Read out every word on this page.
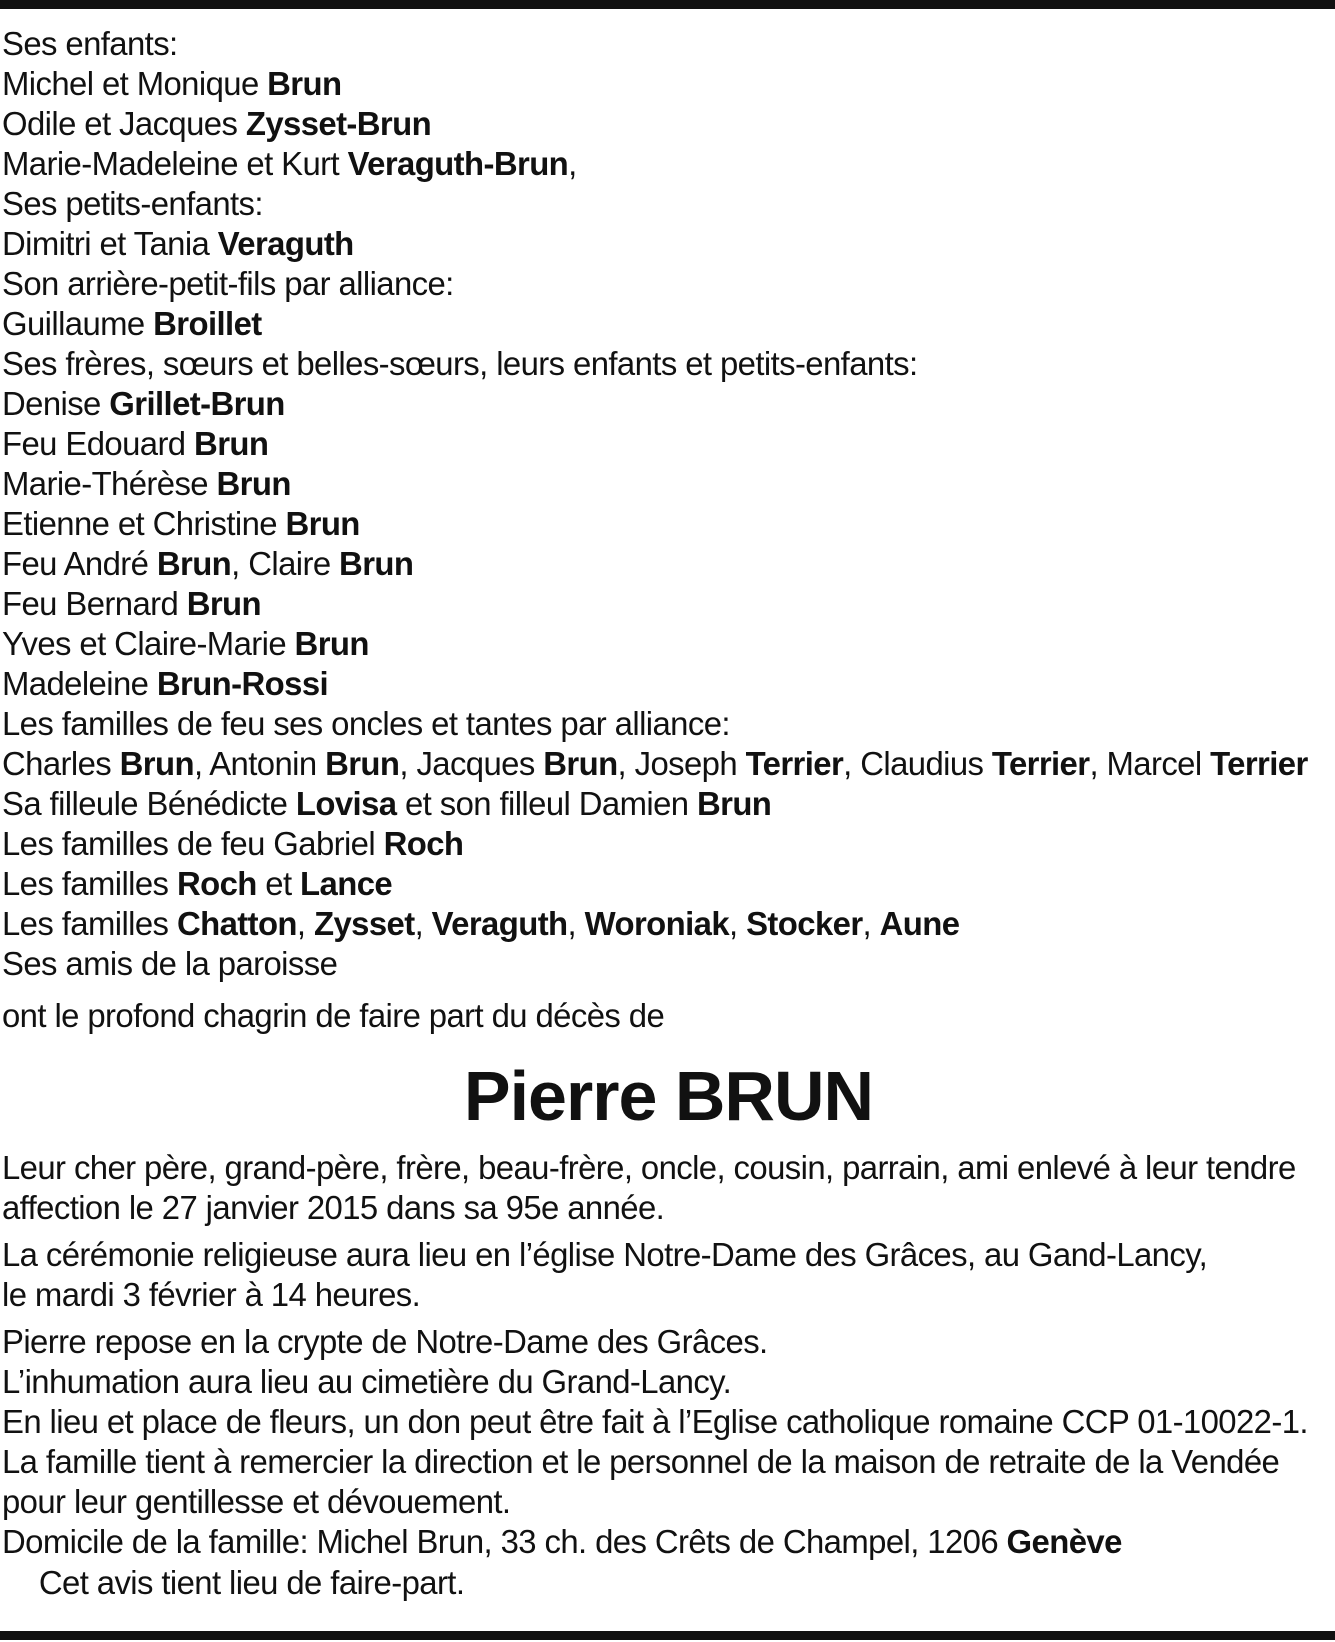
Ses enfants:
Michel et Monique Brun
Odile et Jacques Zysset-Brun
Marie-Madeleine et Kurt Veraguth-Brun,
Ses petits-enfants:
Dimitri et Tania Veraguth
Son arrière-petit-fils par alliance:
Guillaume Broillet
Ses frères, sœurs et belles-sœurs, leurs enfants et petits-enfants:
Denise Grillet-Brun
Feu Edouard Brun
Marie-Thérèse Brun
Etienne et Christine Brun
Feu André Brun, Claire Brun
Feu Bernard Brun
Yves et Claire-Marie Brun
Madeleine Brun-Rossi
Les familles de feu ses oncles et tantes par alliance:
Charles Brun, Antonin Brun, Jacques Brun, Joseph Terrier, Claudius Terrier, Marcel Terrier
Sa filleule Bénédicte Lovisa et son filleul Damien Brun
Les familles de feu Gabriel Roch
Les familles Roch et Lance
Les familles Chatton, Zysset, Veraguth, Woroniak, Stocker, Aune
Ses amis de la paroisse
ont le profond chagrin de faire part du décès de
Pierre BRUN
Leur cher père, grand-père, frère, beau-frère, oncle, cousin, parrain, ami enlevé à leur tendre
affection le 27 janvier 2015 dans sa 95e année.
La cérémonie religieuse aura lieu en l’église Notre-Dame des Grâces, au Gand-Lancy,
le mardi 3 février à 14 heures.
Pierre repose en la crypte de Notre-Dame des Grâces.
L’inhumation aura lieu au cimetière du Grand-Lancy.
En lieu et place de fleurs, un don peut être fait à l’Eglise catholique romaine CCP 01-10022-1.
La famille tient à remercier la direction et le personnel de la maison de retraite de la Vendée
pour leur gentillesse et dévouement.
Domicile de la famille: Michel Brun, 33 ch. des Crêts de Champel, 1206 Genève
Cet avis tient lieu de faire-part.
